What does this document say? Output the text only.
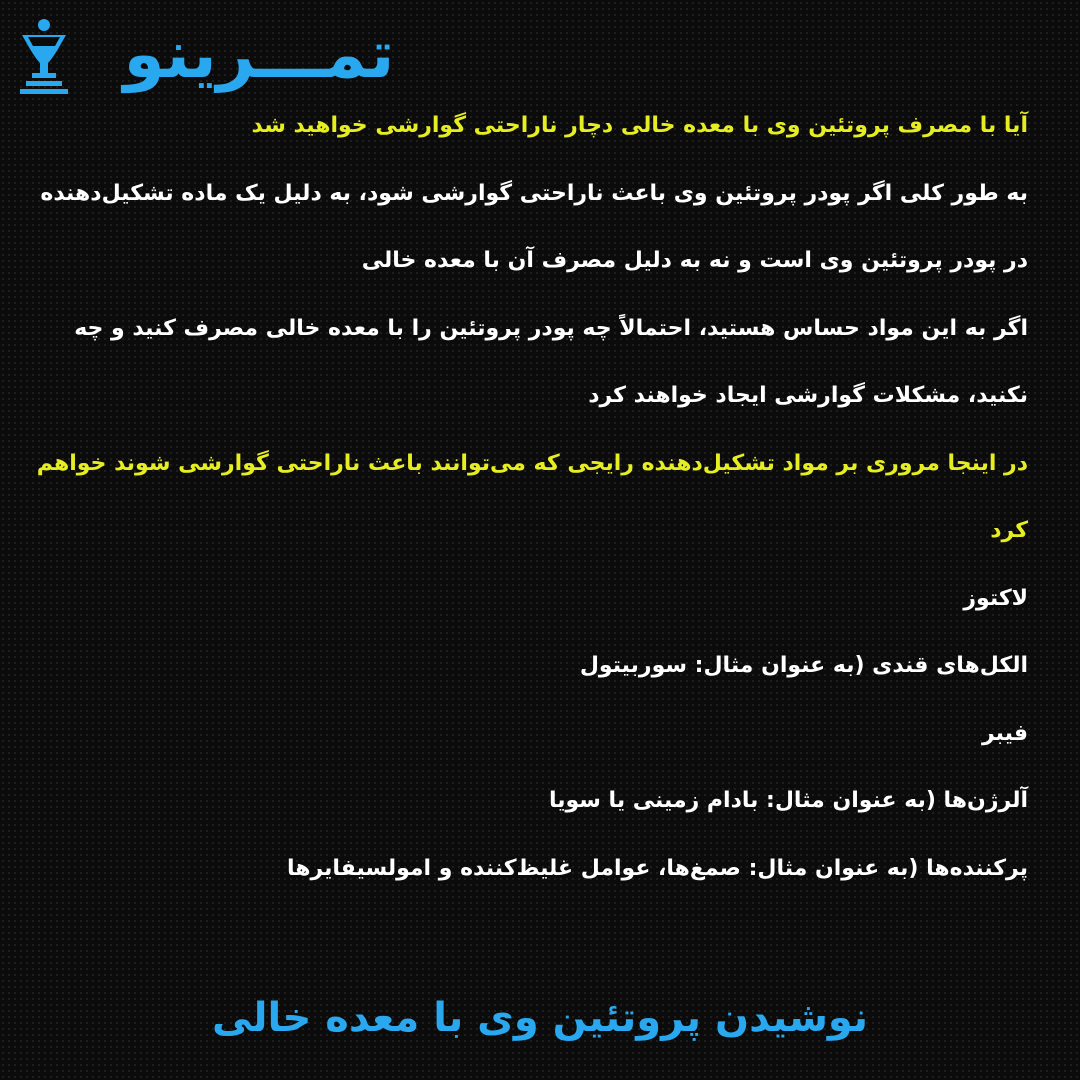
تمـــرینو
آیا با مصرف پروتئین وی با معده خالی دچار ناراحتی گوارشی خواهید شد
به طور کلی اگر پودر پروتئین وی باعث ناراحتی گوارشی شود، به دلیل یک ماده تشکیل‌دهنده
در پودر پروتئین وی است و نه به دلیل مصرف آن با معده خالی
اگر به این مواد حساس هستید، احتمالاً چه پودر پروتئین را با معده خالی مصرف کنید و چه
نکنید، مشکلات گوارشی ایجاد خواهند کرد
در اینجا مروری بر مواد تشکیل‌دهنده رایجی که می‌توانند باعث ناراحتی گوارشی شوند خواهم
کرد
لاکتوز
الکل‌های قندی (به عنوان مثال: سوربیتول
فیبر
آلرژن‌ها (به عنوان مثال: بادام زمینی یا سویا
پرکننده‌ها (به عنوان مثال: صمغ‌ها، عوامل غلیظ‌کننده و امولسیفایرها
نوشیدن پروتئین وی با معده خالی
